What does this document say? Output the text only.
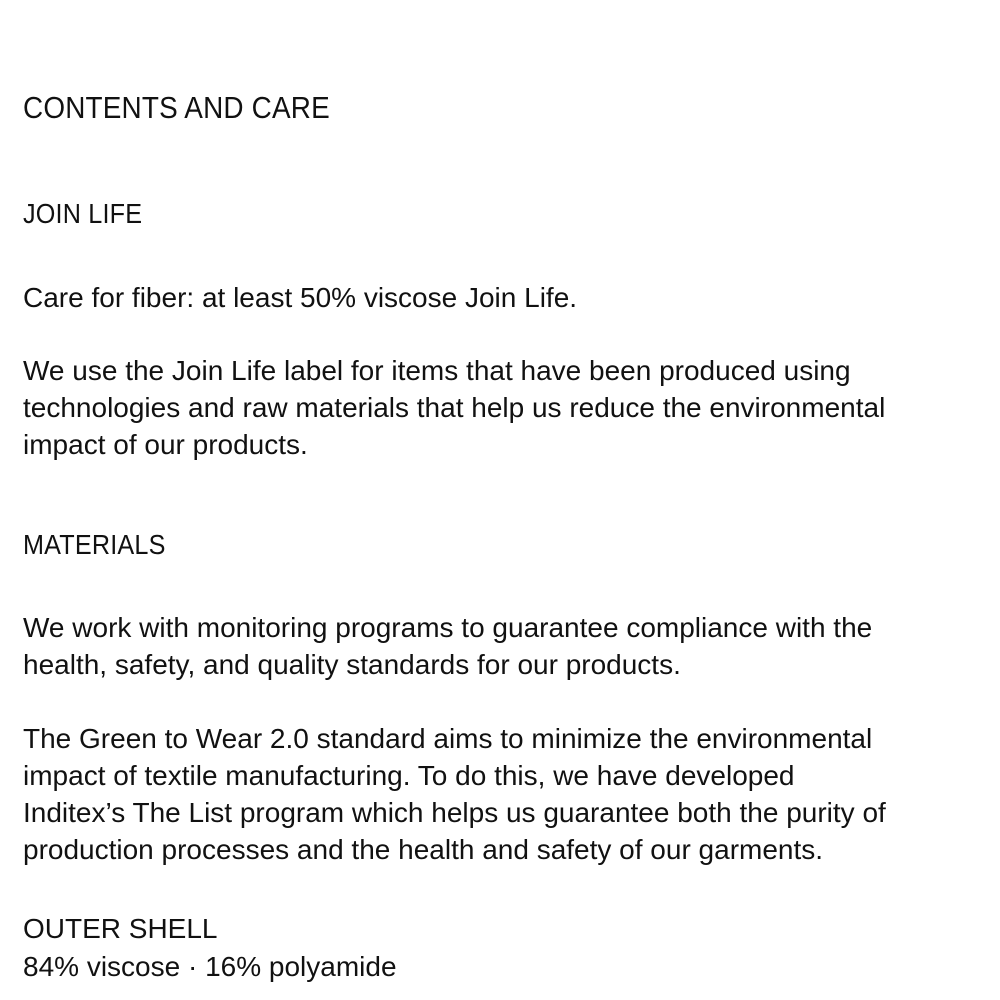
CONTENTS AND CARE
JOIN LIFE
Care for fiber: at least 50% viscose Join Life.
We use the Join Life label for items that have been produced using
technologies and raw materials that help us reduce the environmental
impact of our products.
MATERIALS
We work with monitoring programs to guarantee compliance with the
health, safety, and quality standards for our products.
The Green to Wear 2.0 standard aims to minimize the environmental
impact of textile manufacturing. To do this, we have developed
Inditex’s The List program which helps us guarantee both the purity of
production processes and the health and safety of our garments.
OUTER SHELL
84% viscose · 16% polyamide
